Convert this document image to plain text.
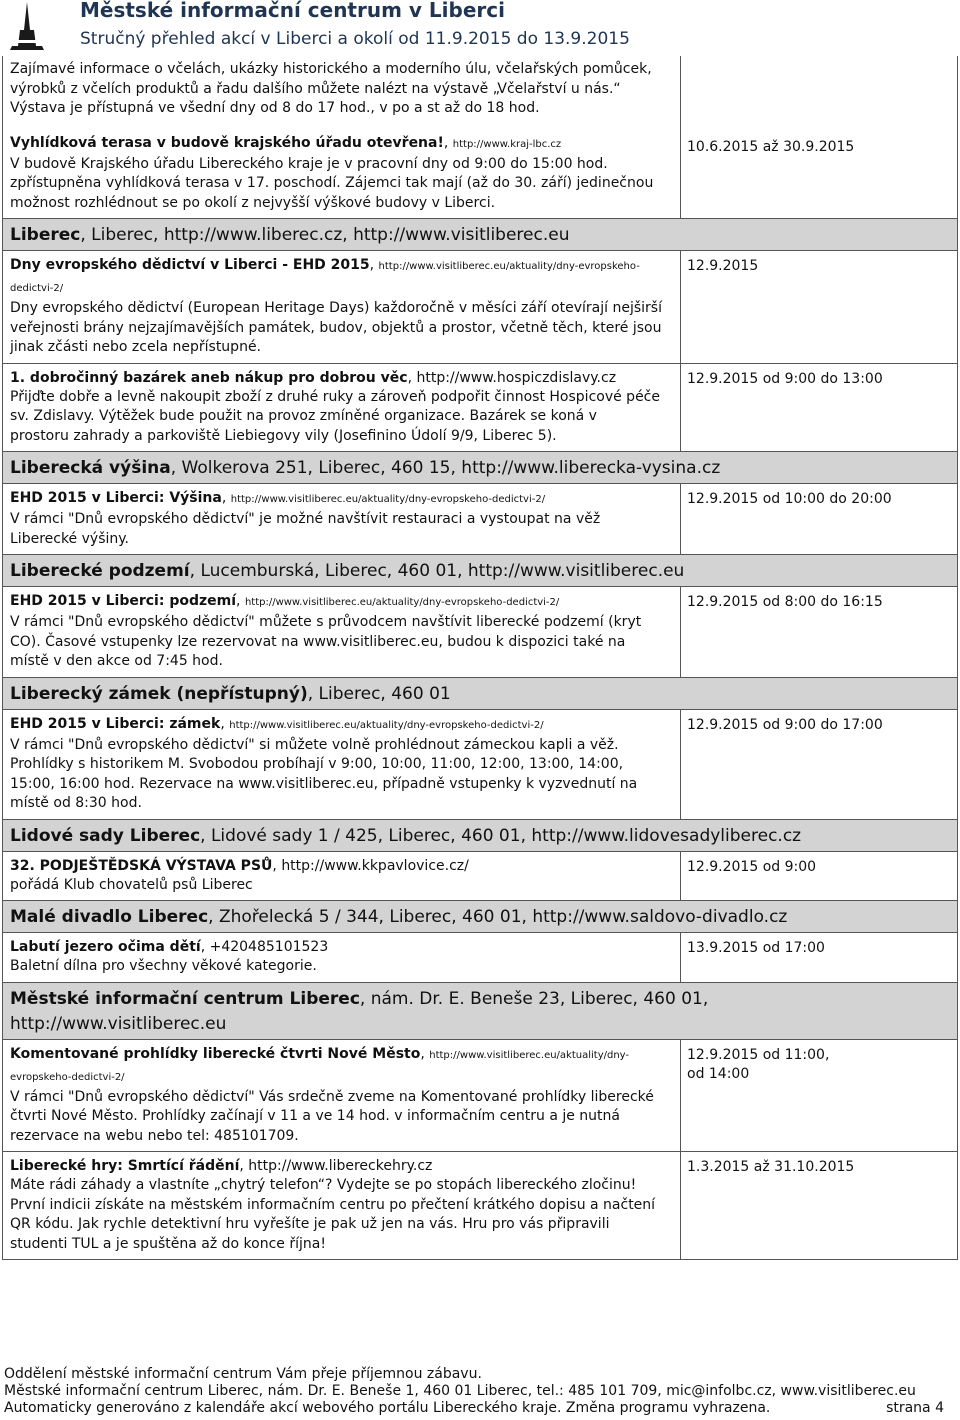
Městské informační centrum v Liberci
Stručný přehled akcí v Liberci a okolí od 11.9.2015 do 13.9.2015
Zajímavé informace o včelách, ukázky historického a moderního úlu, včelařských pomůcek,
výrobků z včelích produktů a řadu dalšího můžete nalézt na výstavě „Včelařství u nás.“
Výstava je přístupná ve všední dny od 8 do 17 hod., v po a st až do 18 hod.
Vyhlídková terasa v budově krajského úřadu otevřena!, http://www.kraj-lbc.cz
V budově Krajského úřadu Libereckého kraje je v pracovní dny od 9:00 do 15:00 hod.
zpřístupněna vyhlídková terasa v 17. poschodí. Zájemci tak mají (až do 30. září) jedinečnou
možnost rozhlédnout se po okolí z nejvyšší výškové budovy v Liberci.
10.6.2015 až 30.9.2015
Liberec, Liberec, http://www.liberec.cz, http://www.visitliberec.eu
Dny evropského dědictví v Liberci - EHD 2015, http://www.visitliberec.eu/aktuality/dny-evropskeho-dedictvi-2/
Dny evropského dědictví (European Heritage Days) každoročně v měsíci září otevírají nejširší
veřejnosti brány nejzajímavějších památek, budov, objektů a prostor, včetně těch, které jsou
jinak zčásti nebo zcela nepřístupné.
12.9.2015
1. dobročinný bazárek aneb nákup pro dobrou věc, http://www.hospiczdislavy.cz
Přijďte dobře a levně nakoupit zboží z druhé ruky a zároveň podpořit činnost Hospicové péče
sv. Zdislavy. Výtěžek bude použit na provoz zmíněné organizace. Bazárek se koná v
prostoru zahrady a parkoviště Liebiegovy vily (Josefinino Údolí 9/9, Liberec 5).
12.9.2015 od 9:00 do 13:00
Liberecká výšina, Wolkerova 251, Liberec, 460 15, http://www.liberecka-vysina.cz
EHD 2015 v Liberci: Výšina, http://www.visitliberec.eu/aktuality/dny-evropskeho-dedictvi-2/
V rámci "Dnů evropského dědictví" je možné navštívit restauraci a vystoupat na věž
Liberecké výšiny.
12.9.2015 od 10:00 do 20:00
Liberecké podzemí, Lucemburská, Liberec, 460 01, http://www.visitliberec.eu
EHD 2015 v Liberci: podzemí, http://www.visitliberec.eu/aktuality/dny-evropskeho-dedictvi-2/
V rámci "Dnů evropského dědictví" můžete s průvodcem navštívit liberecké podzemí (kryt
CO). Časové vstupenky lze rezervovat na www.visitliberec.eu, budou k dispozici také na
místě v den akce od 7:45 hod.
12.9.2015 od 8:00 do 16:15
Liberecký zámek (nepřístupný), Liberec, 460 01
EHD 2015 v Liberci: zámek, http://www.visitliberec.eu/aktuality/dny-evropskeho-dedictvi-2/
V rámci "Dnů evropského dědictví" si můžete volně prohlédnout zámeckou kapli a věž.
Prohlídky s historikem M. Svobodou probíhají v 9:00, 10:00, 11:00, 12:00, 13:00, 14:00,
15:00, 16:00 hod. Rezervace na www.visitliberec.eu, případně vstupenky k vyzvednutí na
místě od 8:30 hod.
12.9.2015 od 9:00 do 17:00
Lidové sady Liberec, Lidové sady 1 / 425, Liberec, 460 01, http://www.lidovesadyliberec.cz
32. PODJEŠTĚDSKÁ VÝSTAVA PSŮ, http://www.kkpavlovice.cz/
pořádá Klub chovatelů psů Liberec
12.9.2015 od 9:00
Malé divadlo Liberec, Zhořelecká 5 / 344, Liberec, 460 01, http://www.saldovo-divadlo.cz
Labutí jezero očima dětí, +420485101523
Baletní dílna pro všechny věkové kategorie.
13.9.2015 od 17:00
Městské informační centrum Liberec, nám. Dr. E. Beneše 23, Liberec, 460 01,
http://www.visitliberec.eu
Komentované prohlídky liberecké čtvrti Nové Město, http://www.visitliberec.eu/aktuality/dny-evropskeho-dedictvi-2/
V rámci "Dnů evropského dědictví" Vás srdečně zveme na Komentované prohlídky liberecké
čtvrti Nové Město. Prohlídky začínají v 11 a ve 14 hod. v informačním centru a je nutná
rezervace na webu nebo tel: 485101709.
12.9.2015 od 11:00,
od 14:00
Liberecké hry: Smrtící řádění, http://www.libereckehry.cz
Máte rádi záhady a vlastníte „chytrý telefon“? Vydejte se po stopách libereckého zločinu!
První indicii získáte na městském informačním centru po přečtení krátkého dopisu a načtení
QR kódu. Jak rychle detektivní hru vyřešíte je pak už jen na vás. Hru pro vás připravili
studenti TUL a je spuštěna až do konce října!
1.3.2015 až 31.10.2015
Oddělení městské informační centrum Vám přeje příjemnou zábavu.
Městské informační centrum Liberec, nám. Dr. E. Beneše 1, 460 01 Liberec, tel.: 485 101 709, mic@infolbc.cz, www.visitliberec.eu
Automaticky generováno z kalendáře akcí webového portálu Libereckého kraje. Změna programu vyhrazena.	strana 4
